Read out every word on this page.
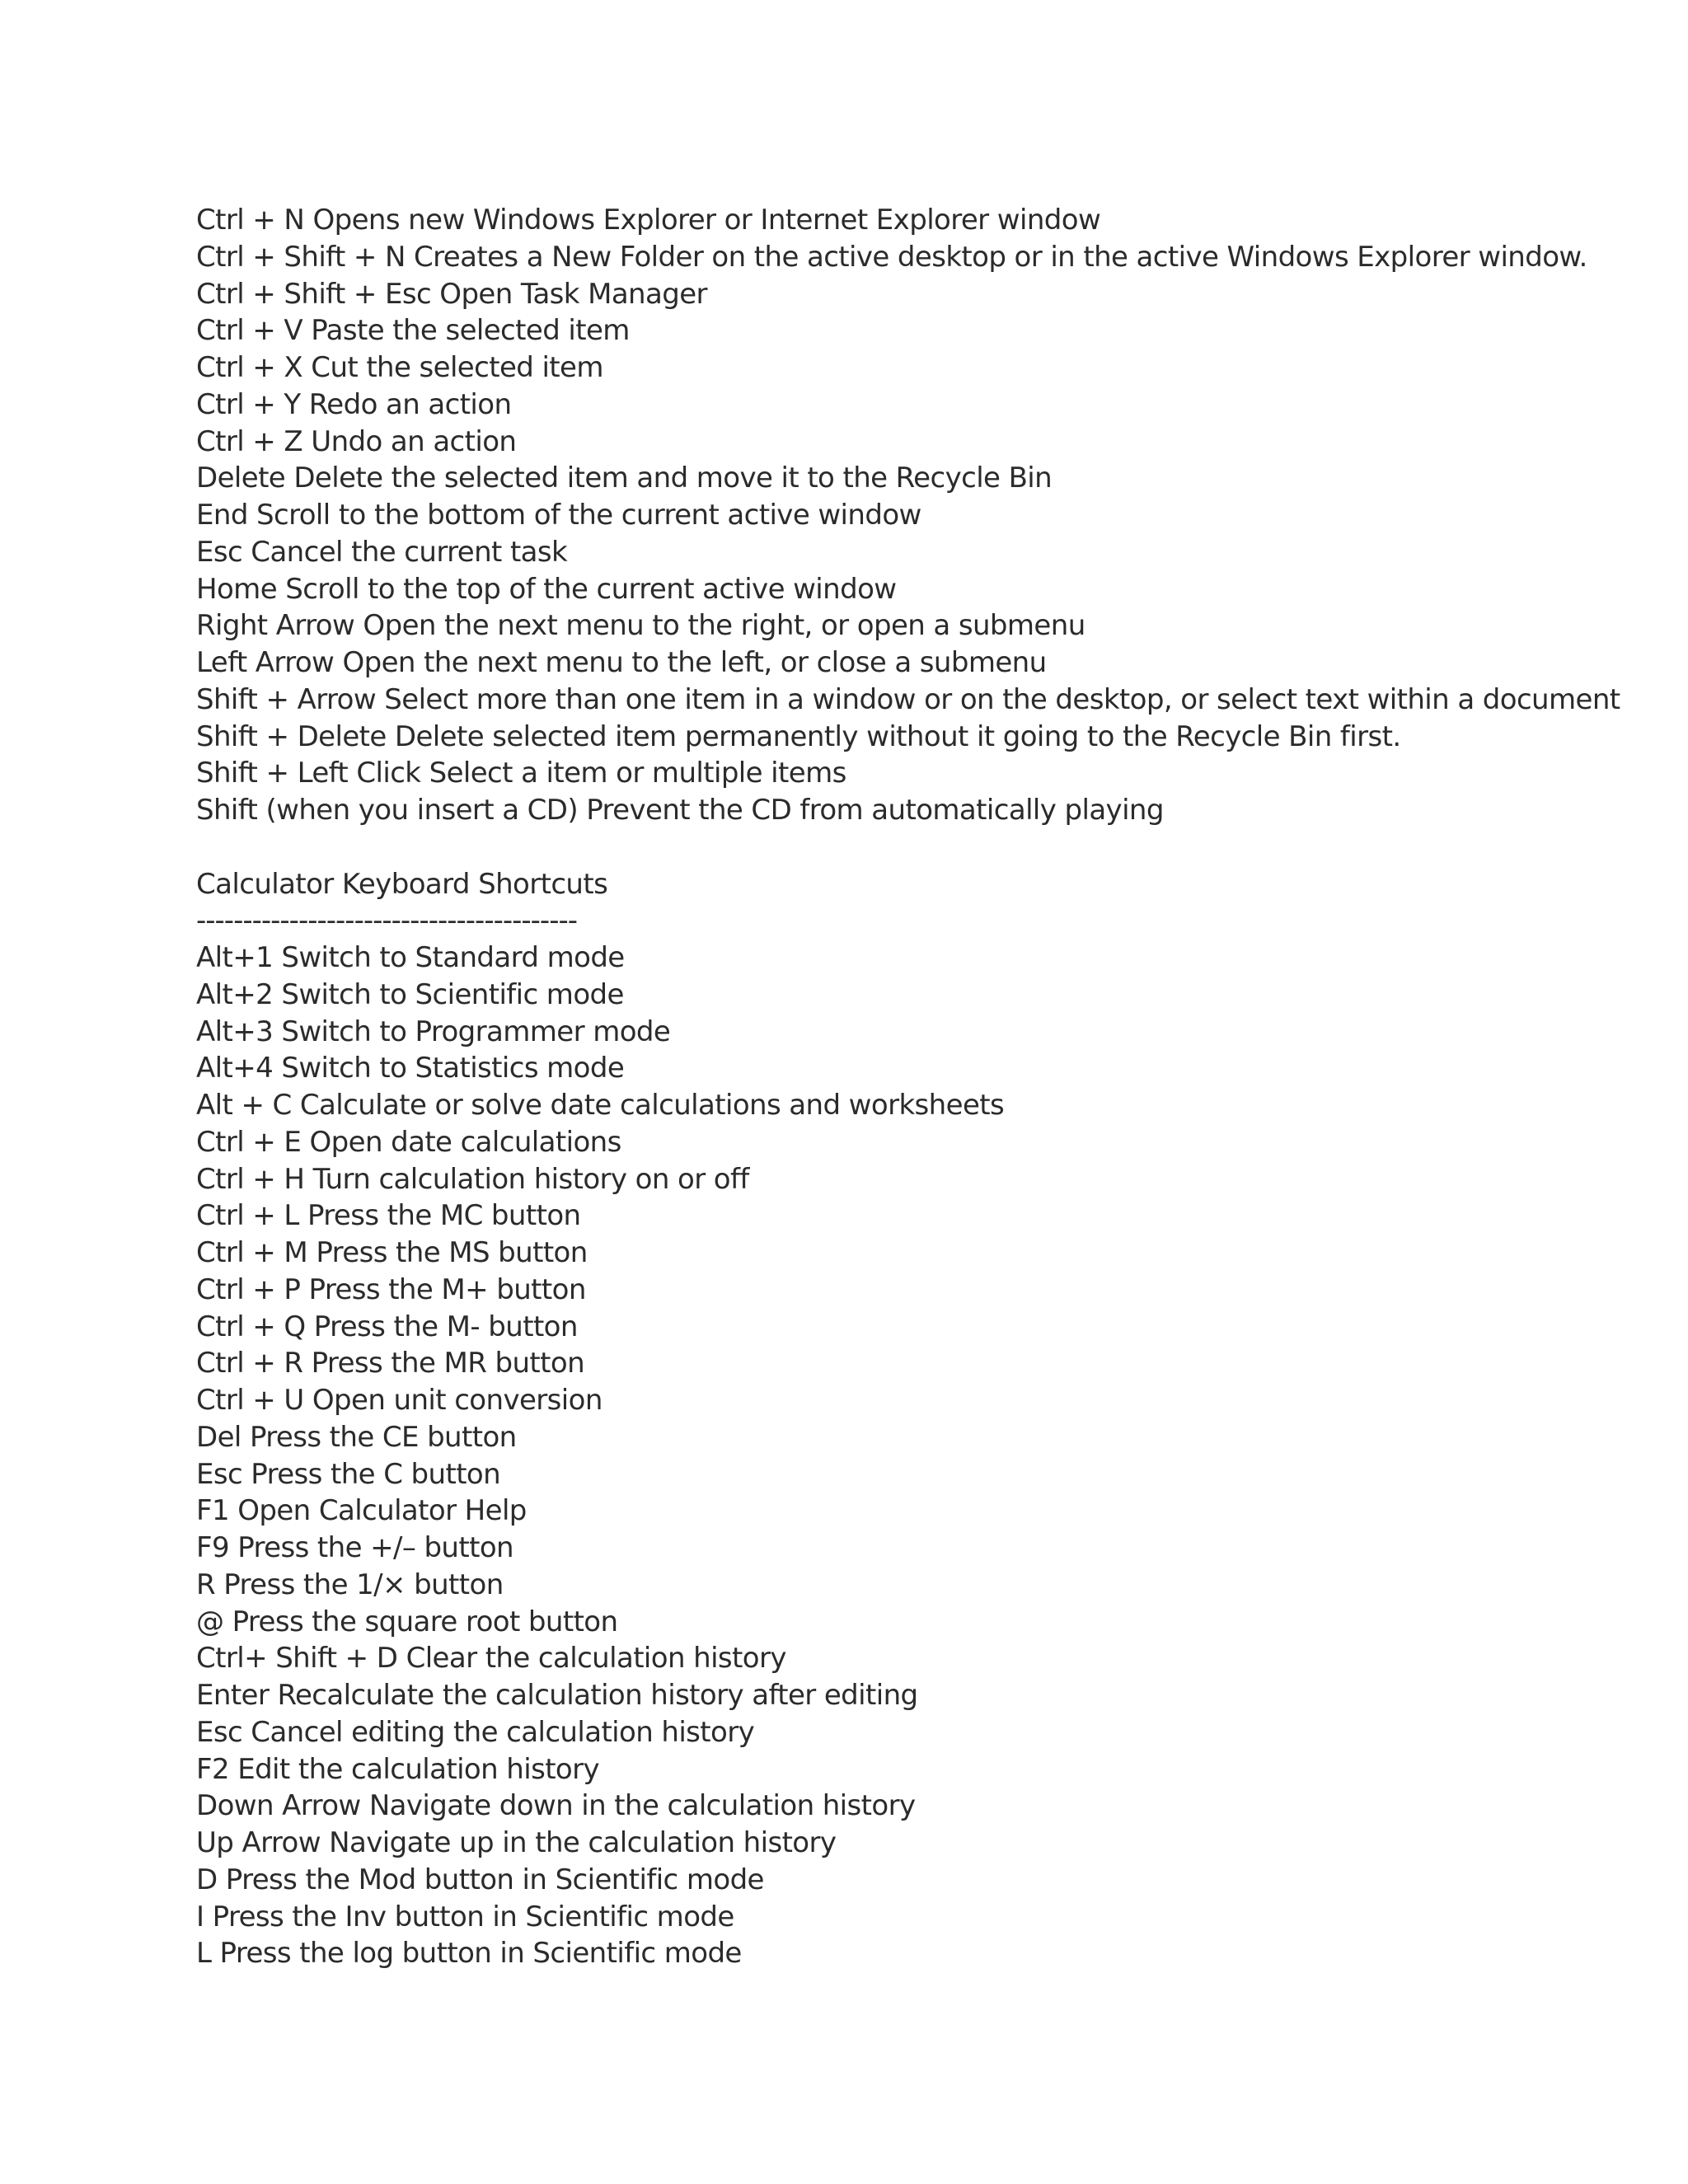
Ctrl + N Opens new Windows Explorer or Internet Explorer window
Ctrl + Shift + N Creates a New Folder on the active desktop or in the active Windows Explorer window.
Ctrl + Shift + Esc Open Task Manager
Ctrl + V Paste the selected item
Ctrl + X Cut the selected item
Ctrl + Y Redo an action
Ctrl + Z Undo an action
Delete Delete the selected item and move it to the Recycle Bin
End Scroll to the bottom of the current active window
Esc Cancel the current task
Home Scroll to the top of the current active window
Right Arrow Open the next menu to the right, or open a submenu
Left Arrow Open the next menu to the left, or close a submenu
Shift + Arrow Select more than one item in a window or on the desktop, or select text within a document
Shift + Delete Delete selected item permanently without it going to the Recycle Bin first.
Shift + Left Click Select a item or multiple items
Shift (when you insert a CD) Prevent the CD from automatically playing
Calculator Keyboard Shortcuts
-----------------------------------------
Alt+1 Switch to Standard mode
Alt+2 Switch to Scientific mode
Alt+3 Switch to Programmer mode
Alt+4 Switch to Statistics mode
Alt + C Calculate or solve date calculations and worksheets
Ctrl + E Open date calculations
Ctrl + H Turn calculation history on or off
Ctrl + L Press the MC button
Ctrl + M Press the MS button
Ctrl + P Press the M+ button
Ctrl + Q Press the M- button
Ctrl + R Press the MR button
Ctrl + U Open unit conversion
Del Press the CE button
Esc Press the C button
F1 Open Calculator Help
F9 Press the +/– button
R Press the 1/× button
@ Press the square root button
Ctrl+ Shift + D Clear the calculation history
Enter Recalculate the calculation history after editing
Esc Cancel editing the calculation history
F2 Edit the calculation history
Down Arrow Navigate down in the calculation history
Up Arrow Navigate up in the calculation history
D Press the Mod button in Scientific mode
I Press the Inv button in Scientific mode
L Press the log button in Scientific mode
